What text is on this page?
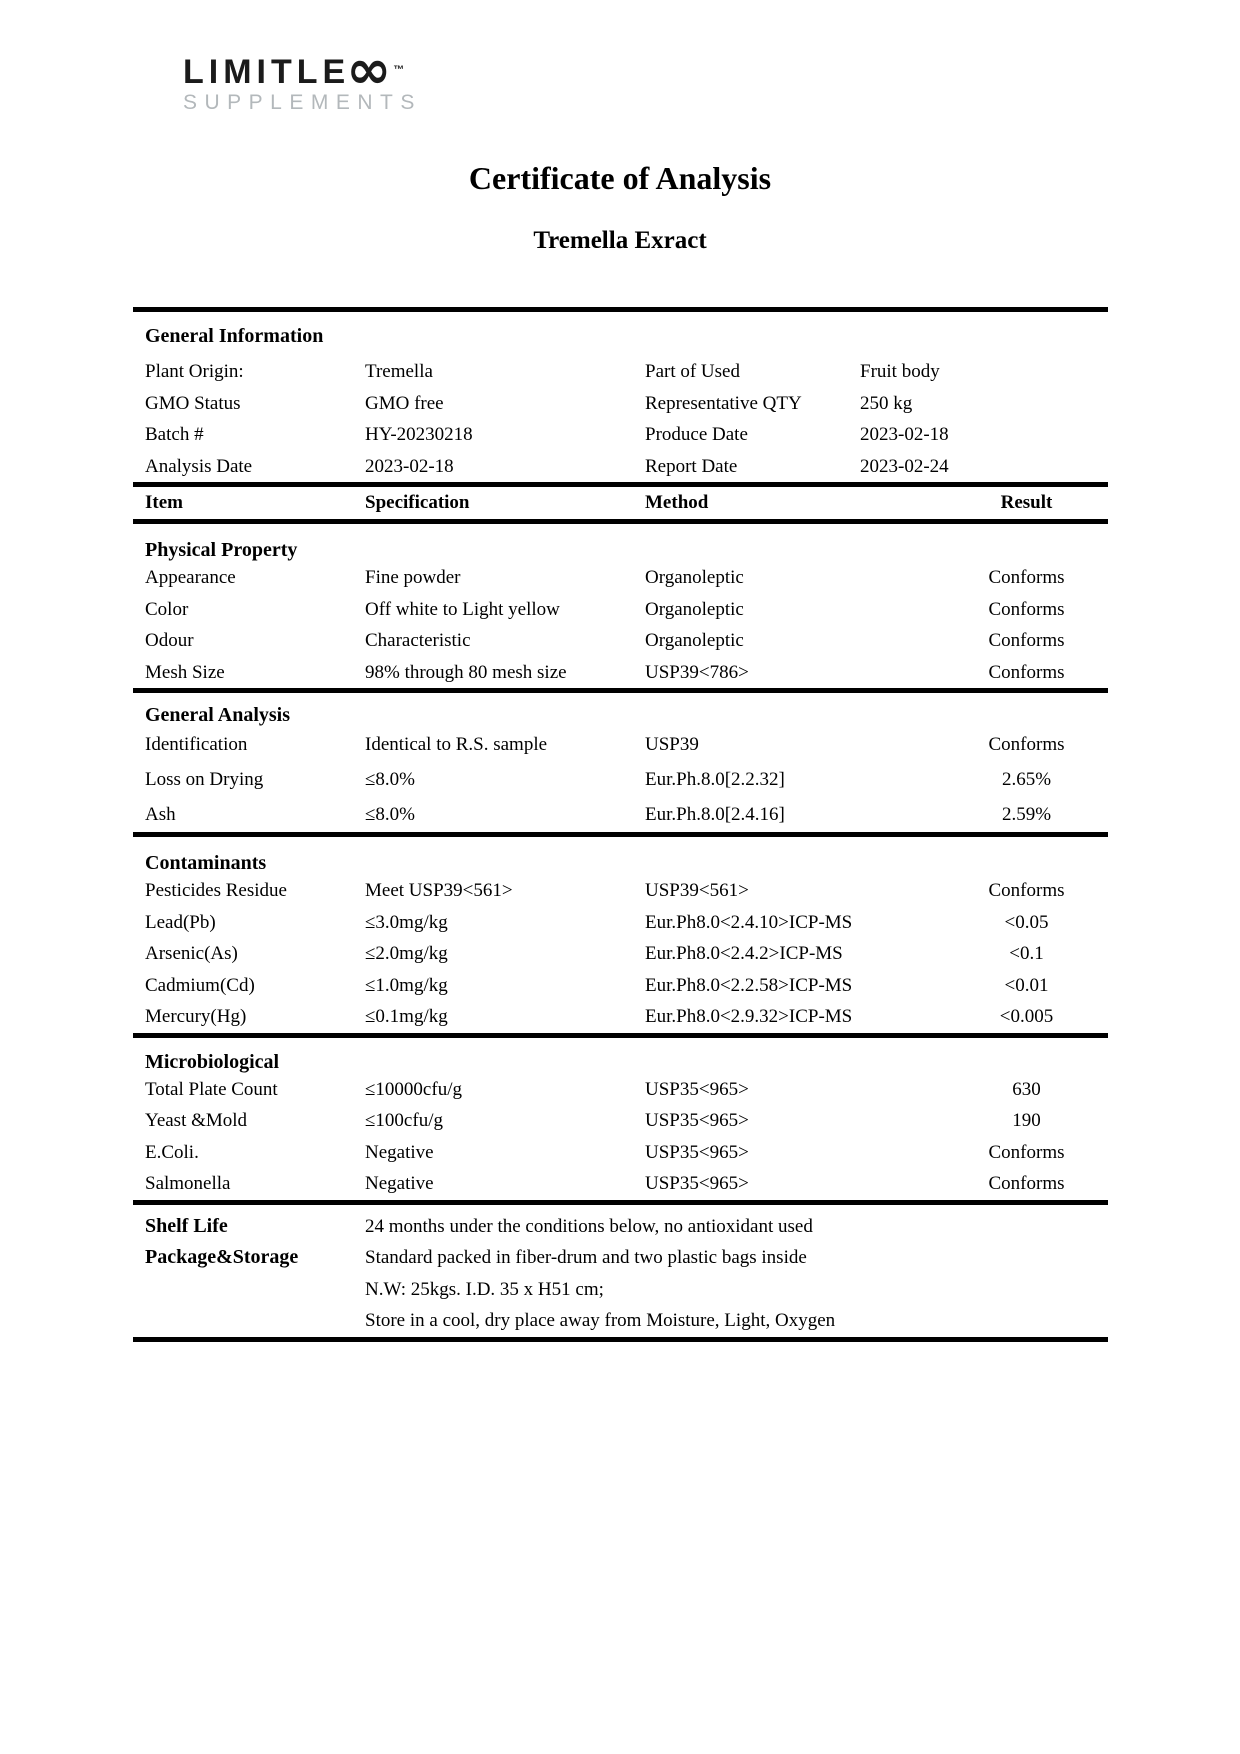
LIMITLE
∞ ™
SUPPLEMENTS
Certificate of Analysis
Tremella Exract
General Information
Plant Origin:	Tremella	Part of Used	Fruit body
GMO Status	GMO free	Representative QTY	250 kg
Batch #	HY-20230218	Produce Date	2023-02-18
Analysis Date	2023-02-18	Report Date	2023-02-24
Item	Specification	Method	Result
Physical Property
Appearance	Fine powder	Organoleptic	Conforms
Color	Off white to Light yellow	Organoleptic	Conforms
Odour	Characteristic	Organoleptic	Conforms
Mesh Size	98% through 80 mesh size	USP39<786>	Conforms
General Analysis
Identification	Identical to R.S. sample	USP39	Conforms
Loss on Drying	≤8.0%	Eur.Ph.8.0[2.2.32]	2.65%
Ash	≤8.0%	Eur.Ph.8.0[2.4.16]	2.59%
Contaminants
Pesticides Residue	Meet USP39<561>	USP39<561>	Conforms
Lead(Pb)	≤3.0mg/kg	Eur.Ph8.0<2.4.10>ICP-MS	<0.05
Arsenic(As)	≤2.0mg/kg	Eur.Ph8.0<2.4.2>ICP-MS	<0.1
Cadmium(Cd)	≤1.0mg/kg	Eur.Ph8.0<2.2.58>ICP-MS	<0.01
Mercury(Hg)	≤0.1mg/kg	Eur.Ph8.0<2.9.32>ICP-MS	<0.005
Microbiological
Total Plate Count	≤10000cfu/g	USP35<965>	630
Yeast &Mold	≤100cfu/g	USP35<965>	190
E.Coli.	Negative	USP35<965>	Conforms
Salmonella	Negative	USP35<965>	Conforms
Shelf Life	24 months under the conditions below, no antioxidant used
Package&Storage	Standard packed in fiber-drum and two plastic bags inside
N.W: 25kgs. I.D. 35 x H51 cm;
Store in a cool, dry place away from Moisture, Light, Oxygen
